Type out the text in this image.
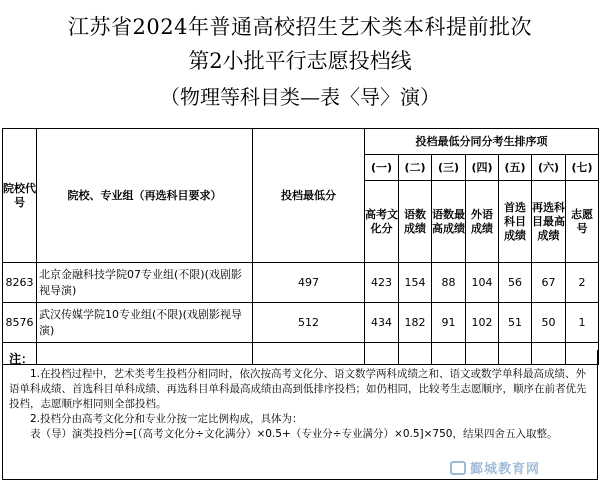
江苏省2024年普通高校招生艺术类本科提前批次
第2小批平行志愿投档线
（物理等科目类—表〈导〉演）
院校代号	院校、专业组（再选科目要求）	投档最低分	投档最低分同分考生排序项						
			(一)	(二)	(三)	(四)	(五)	(六)	(七)
			高考文化分	语数成绩	语数最高成绩	外语成绩	首选科目成绩	再选科目最高成绩	志愿号
8263	北京金融科技学院07专业组(不限)(戏剧影视导演)	497	423	154	88	104	56	67	2
8576	武汉传媒学院10专业组(不限)(戏剧影视导演)	512	434	182	91	102	51	50	1

注：

1.在投档过程中，艺术类考生投档分相同时，依次按高考文化分、语文数学两科成绩之和、语文或数学单科最高成绩、外语单科成绩、首选科目单科成绩、再选科目单科最高成绩由高到低排序投档；如仍相同，比较考生志愿顺序，顺序在前者优先投档，志愿顺序相同则全部投档。

2.投档分由高考文化分和专业分按一定比例构成，具体为：

表（导）演类投档分=[（高考文化分÷文化满分）×0.5+（专业分÷专业满分）×0.5]×750，结果四舍五入取整。

鄞城教育网
